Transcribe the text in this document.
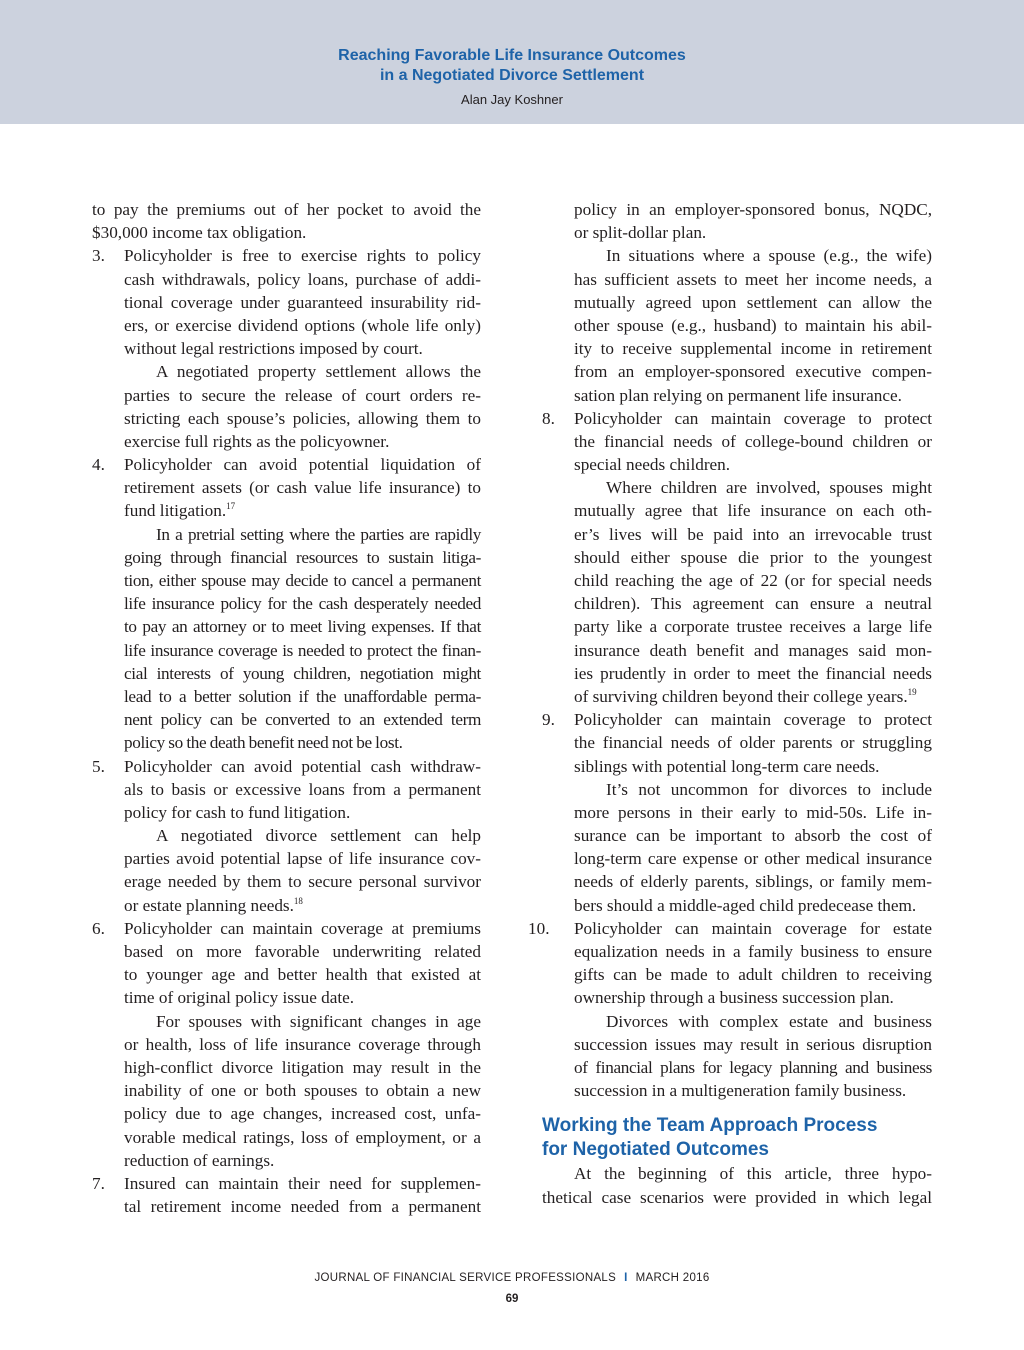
Reaching Favorable Life Insurance Outcomes
in a Negotiated Divorce Settlement
Alan Jay Koshner
to pay the premiums out of her pocket to avoid the
$30,000 income tax obligation.
3. Policyholder is free to exercise rights to policy
cash withdrawals, policy loans, purchase of addi-
tional coverage under guaranteed insurability rid-
ers, or exercise dividend options (whole life only)
without legal restrictions imposed by court.
A negotiated property settlement allows the
parties to secure the release of court orders re-
stricting each spouse’s policies, allowing them to
exercise full rights as the policyowner.
4. Policyholder can avoid potential liquidation of
retirement assets (or cash value life insurance) to
fund litigation.$^{17}$
In a pretrial setting where the parties are rapidly
going through financial resources to sustain litiga-
tion, either spouse may decide to cancel a permanent
life insurance policy for the cash desperately needed
to pay an attorney or to meet living expenses. If that
life insurance coverage is needed to protect the finan-
cial interests of young children, negotiation might
lead to a better solution if the unaffordable perma-
nent policy can be converted to an extended term
policy so the death benefit need not be lost.
5. Policyholder can avoid potential cash withdraw-
als to basis or excessive loans from a permanent
policy for cash to fund litigation.
A negotiated divorce settlement can help
parties avoid potential lapse of life insurance cov-
erage needed by them to secure personal survivor
or estate planning needs.$^{18}$
6. Policyholder can maintain coverage at premiums
based on more favorable underwriting related
to younger age and better health that existed at
time of original policy issue date.
For spouses with significant changes in age
or health, loss of life insurance coverage through
high-conflict divorce litigation may result in the
inability of one or both spouses to obtain a new
policy due to age changes, increased cost, unfa-
vorable medical ratings, loss of employment, or a
reduction of earnings.
7. Insured can maintain their need for supplemen-
tal retirement income needed from a permanent
policy in an employer-sponsored bonus, NQDC,
or split-dollar plan.
In situations where a spouse (e.g., the wife)
has sufficient assets to meet her income needs, a
mutually agreed upon settlement can allow the
other spouse (e.g., husband) to maintain his abil-
ity to receive supplemental income in retirement
from an employer-sponsored executive compen-
sation plan relying on permanent life insurance.
8. Policyholder can maintain coverage to protect
the financial needs of college-bound children or
special needs children.
Where children are involved, spouses might
mutually agree that life insurance on each oth-
er’s lives will be paid into an irrevocable trust
should either spouse die prior to the youngest
child reaching the age of 22 (or for special needs
children). This agreement can ensure a neutral
party like a corporate trustee receives a large life
insurance death benefit and manages said mon-
ies prudently in order to meet the financial needs
of surviving children beyond their college years.$^{19}$
9. Policyholder can maintain coverage to protect
the financial needs of older parents or struggling
siblings with potential long-term care needs.
It’s not uncommon for divorces to include
more persons in their early to mid-50s. Life in-
surance can be important to absorb the cost of
long-term care expense or other medical insurance
needs of elderly parents, siblings, or family mem-
bers should a middle-aged child predecease them.
10. Policyholder can maintain coverage for estate
equalization needs in a family business to ensure
gifts can be made to adult children to receiving
ownership through a business succession plan.
Divorces with complex estate and business
succession issues may result in serious disruption
of financial plans for legacy planning and business
succession in a multigeneration family business.
Working the Team Approach Process
for Negotiated Outcomes
At the beginning of this article, three hypo-
thetical case scenarios were provided in which legal
JOURNAL OF FINANCIAL SERVICE PROFESSIONALS I MARCH 2016
69
